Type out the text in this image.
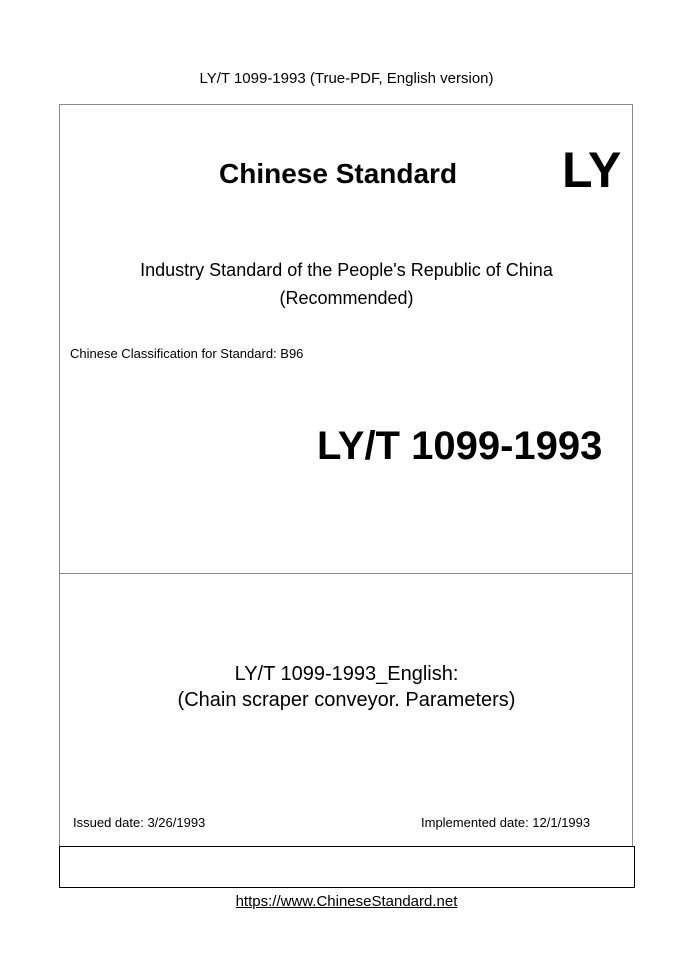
LY/T 1099-1993 (True-PDF, English version)
Chinese Standard LY
Industry Standard of the People's Republic of China
(Recommended)
Chinese Classification for Standard: B96
LY/T 1099-1993
LY/T 1099-1993_English:
(Chain scraper conveyor. Parameters)
Issued date: 3/26/1993	Implemented date: 12/1/1993
https://www.ChineseStandard.net
